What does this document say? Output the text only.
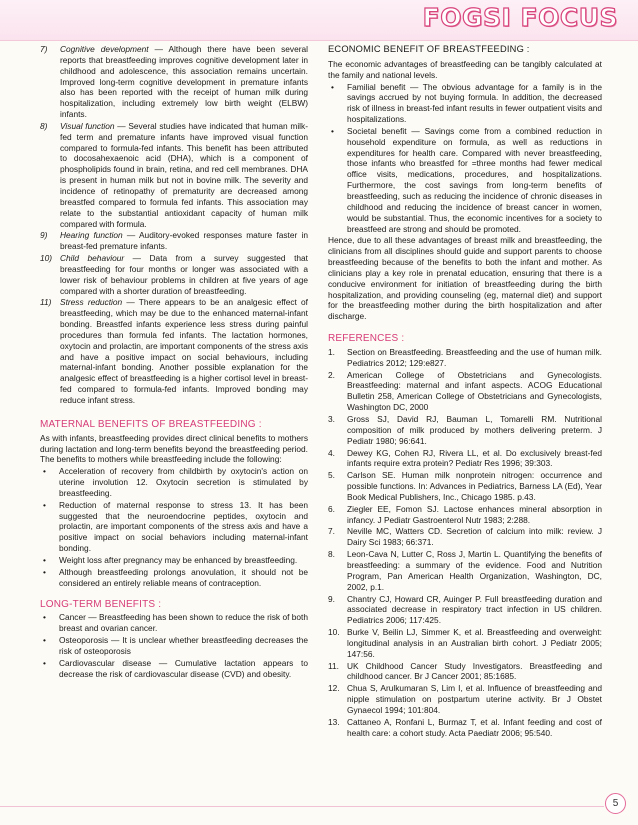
FOGSI FOCUS
7) Cognitive development — Although there have been several reports that breastfeeding improves cognitive development later in childhood and adolescence, this association remains uncertain. Improved long-term cognitive development in premature infants also has been reported with the receipt of human milk during hospitalization, including extremely low birth weight (ELBW) infants.
8) Visual function — Several studies have indicated that human milk-fed term and premature infants have improved visual function compared to formula-fed infants. This benefit has been attributed to docosahexaenoic acid (DHA), which is a component of phospholipids found in brain, retina, and red cell membranes. DHA is present in human milk but not in bovine milk. The severity and incidence of retinopathy of prematurity are decreased among breastfed compared to formula fed infants. This association may relate to the substantial antioxidant capacity of human milk compared with formula.
9) Hearing function — Auditory-evoked responses mature faster in breast-fed premature infants.
10) Child behaviour — Data from a survey suggested that breastfeeding for four months or longer was associated with a lower risk of behaviour problems in children at five years of age compared with a shorter duration of breastfeeding.
11) Stress reduction — There appears to be an analgesic effect of breastfeeding, which may be due to the enhanced maternal-infant bonding. Breastfed infants experience less stress during painful procedures than formula fed infants. The lactation hormones, oxytocin and prolactin, are important components of the stress axis and have a positive impact on social behaviours, including maternal-infant bonding. Another possible explanation for the analgesic effect of breastfeeding is a higher cortisol level in breast-fed compared to formula-fed infants. Improved bonding may reduce infant stress.
MATERNAL BENEFITS OF BREASTFEEDING :

As with infants, breastfeeding provides direct clinical benefits to mothers during lactation and long-term benefits beyond the breastfeeding period. The benefits to mothers while breastfeeding include the following:

• Acceleration of recovery from childbirth by oxytocin's action on uterine involution 12. Oxytocin secretion is stimulated by breastfeeding.
• Reduction of maternal response to stress 13. It has been suggested that the neuroendocrine peptides, oxytocin and prolactin, are important components of the stress axis and have a positive impact on social behaviors including maternal-infant bonding.
• Weight loss after pregnancy may be enhanced by breastfeeding.
• Although breastfeeding prolongs anovulation, it should not be considered an entirely reliable means of contraception.
LONG-TERM BENEFITS :
• Cancer — Breastfeeding has been shown to reduce the risk of both breast and ovarian cancer.
• Osteoporosis — It is unclear whether breastfeeding decreases the risk of osteoporosis
• Cardiovascular disease — Cumulative lactation appears to decrease the risk of cardiovascular disease (CVD) and obesity.
ECONOMIC BENEFIT OF BREASTFEEDING :

The economic advantages of breastfeeding can be tangibly calculated at the family and national levels.

• Familial benefit — The obvious advantage for a family is in the savings accrued by not buying formula. In addition, the decreased risk of illness in breast-fed infant results in fewer outpatient visits and hospitalizations.
• Societal benefit — Savings come from a combined reduction in household expenditure on formula, as well as reductions in expenditures for health care. Compared with never breastfeeding, those infants who breastfed for =three months had fewer medical office visits, medications, procedures, and hospitalizations. Furthermore, the cost savings from long-term benefits of breastfeeding, such as reducing the incidence of chronic diseases in childhood and reducing the incidence of breast cancer in women, would be substantial. Thus, the economic incentives for a society to breastfeed are strong and should be promoted.

Hence, due to all these advantages of breast milk and breastfeeding, the clinicians from all disciplines should guide and support parents to choose breastfeeding because of the benefits to both the infant and mother. As clinicians play a key role in prenatal education, ensuring that there is a conducive environment for initiation of breastfeeding during the birth hospitalization, and providing counseling (eg, maternal diet) and support for the breastfeeding mother during the birth hospitalization and after discharge.

REFERENCES :
1. Section on Breastfeeding. Breastfeeding and the use of human milk. Pediatrics 2012; 129:e827.
2. American College of Obstetricians and Gynecologists. Breastfeeding: maternal and infant aspects. ACOG Educational Bulletin 258, American College of Obstetricians and Gynecologists, Washington DC, 2000
3. Gross SJ, David RJ, Bauman L, Tomarelli RM. Nutritional composition of milk produced by mothers delivering preterm. J Pediatr 1980; 96:641.
4. Dewey KG, Cohen RJ, Rivera LL, et al. Do exclusively breast-fed infants require extra protein? Pediatr Res 1996; 39:303.
5. Carlson SE. Human milk nonprotein nitrogen: occurrence and possible functions. In: Advances in Pediatrics, Barness LA (Ed), Year Book Medical Publishers, Inc., Chicago 1985. p.43.
6. Ziegler EE, Fomon SJ. Lactose enhances mineral absorption in infancy. J Pediatr Gastroenterol Nutr 1983; 2:288.
7. Neville MC, Watters CD. Secretion of calcium into milk: review. J Dairy Sci 1983; 66:371.
8. Leon-Cava N, Lutter C, Ross J, Martin L. Quantifying the benefits of breastfeeding: a summary of the evidence. Food and Nutrition Program, Pan American Health Organization, Washington, DC, 2002, p.1.
9. Chantry CJ, Howard CR, Auinger P. Full breastfeeding duration and associated decrease in respiratory tract infection in US children. Pediatrics 2006; 117:425.
10. Burke V, Beilin LJ, Simmer K, et al. Breastfeeding and overweight: longitudinal analysis in an Australian birth cohort. J Pediatr 2005; 147:56.
11. UK Childhood Cancer Study Investigators. Breastfeeding and childhood cancer. Br J Cancer 2001; 85:1685.
12. Chua S, Arulkumaran S, Lim I, et al. Influence of breastfeeding and nipple stimulation on postpartum uterine activity. Br J Obstet Gynaecol 1994; 101:804.
13. Cattaneo A, Ronfani L, Burmaz T, et al. Infant feeding and cost of health care: a cohort study. Acta Paediatr 2006; 95:540.
5
